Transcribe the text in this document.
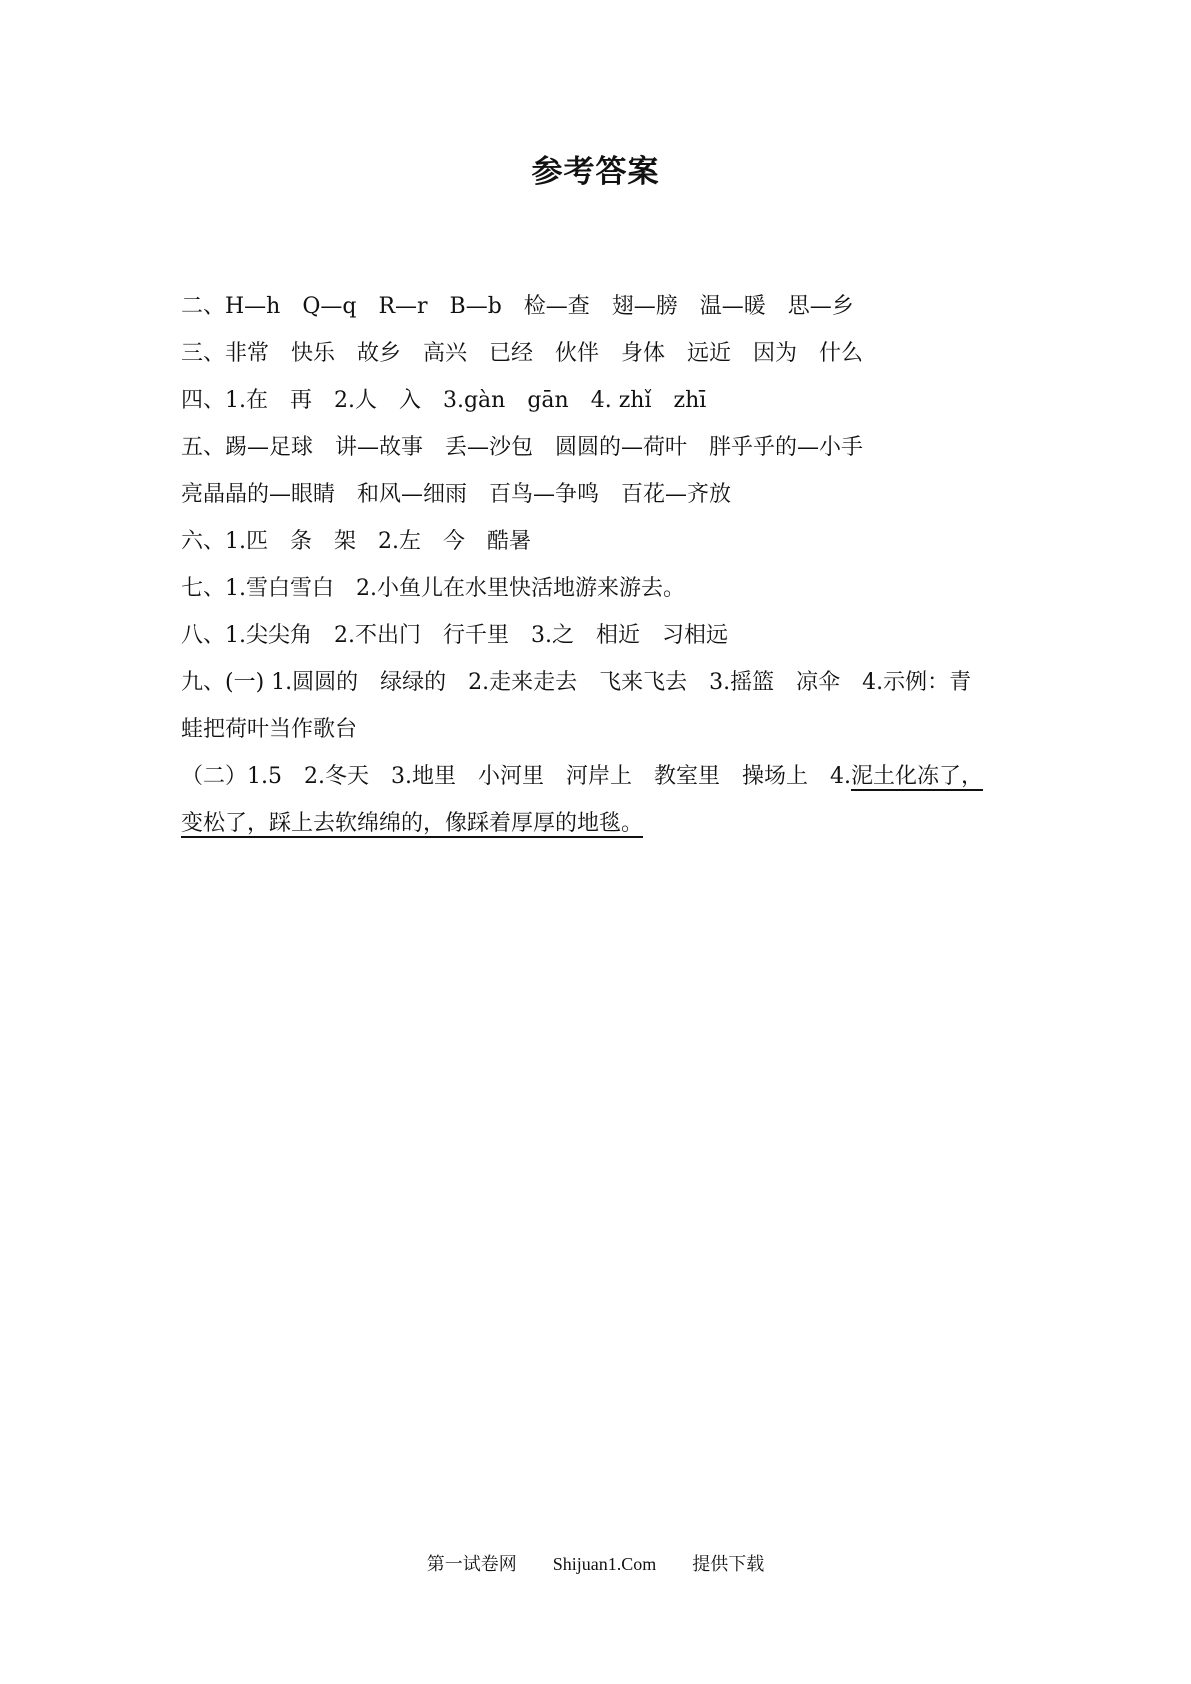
参考答案
二、H—h　Q—q　R—r　B—b　检—查　翅—膀　温—暖　思—乡
三、非常　快乐　故乡　高兴　已经　伙伴　身体　远近　因为　什么
四、1.在　再　2.人　入　3.gàn　gān　4. zhǐ　zhī
五、踢—足球　讲—故事　丢—沙包　圆圆的—荷叶　胖乎乎的—小手
亮晶晶的—眼睛　和风—细雨　百鸟—争鸣　百花—齐放
六、1.匹　条　架　2.左　今　酷暑
七、1.雪白雪白　2.小鱼儿在水里快活地游来游去。
八、1.尖尖角　2.不出门　行千里　3.之　相近　习相远
九、(一) 1.圆圆的　绿绿的　2.走来走去　飞来飞去　3.摇篮　凉伞　4.示例：青
蛙把荷叶当作歌台
（二）1.5　2.冬天　3.地里　小河里　河岸上　教室里　操场上　4.泥土化冻了，
变松了，踩上去软绵绵的，像踩着厚厚的地毯。
第一试卷网　　Shijuan1.Com　　提供下载
